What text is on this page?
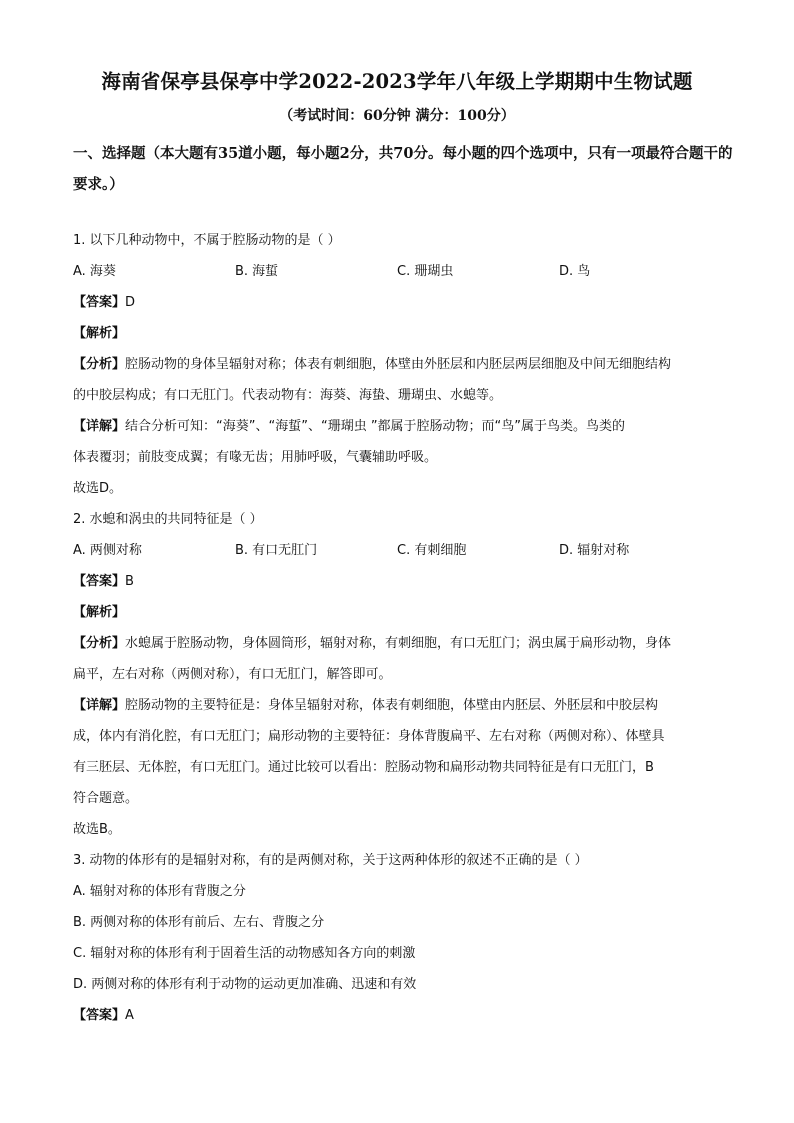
海南省保亭县保亭中学2022-2023学年八年级上学期期中生物试题
（考试时间：60分钟 满分：100分）
一、选择题（本大题有35道小题，每小题2分，共70分。每小题的四个选项中，只有一项最符合题干的要求。）
1. 以下几种动物中，不属于腔肠动物的是（ ）
A. 海葵	B. 海蜇	C. 珊瑚虫	D. 鸟
【答案】D
【解析】
【分析】腔肠动物的身体呈辐射对称；体表有刺细胞，体壁由外胚层和内胚层两层细胞及中间无细胞结构
的中胶层构成；有口无肛门。代表动物有：海葵、海蛰、珊瑚虫、水螅等。
【详解】结合分析可知：“海葵”、“海蜇”、“珊瑚虫 ”都属于腔肠动物；而“鸟”属于鸟类。鸟类的
体表覆羽；前肢变成翼；有喙无齿；用肺呼吸，气囊辅助呼吸。
故选D。
2. 水螅和涡虫的共同特征是（ ）
A. 两侧对称	B. 有口无肛门	C. 有刺细胞	D. 辐射对称
【答案】B
【解析】
【分析】水螅属于腔肠动物，身体圆筒形，辐射对称，有刺细胞，有口无肛门；涡虫属于扁形动物，身体
扁平，左右对称（两侧对称），有口无肛门，解答即可。
【详解】腔肠动物的主要特征是：身体呈辐射对称，体表有刺细胞，体壁由内胚层、外胚层和中胶层构
成，体内有消化腔，有口无肛门；扁形动物的主要特征：身体背腹扁平、左右对称（两侧对称）、体壁具
有三胚层、无体腔，有口无肛门。通过比较可以看出：腔肠动物和扁形动物共同特征是有口无肛门，B
符合题意。
故选B。
3. 动物的体形有的是辐射对称，有的是两侧对称，关于这两种体形的叙述不正确的是（ ）
A. 辐射对称的体形有背腹之分
B. 两侧对称的体形有前后、左右、背腹之分
C. 辐射对称的体形有利于固着生活的动物感知各方向的刺激
D. 两侧对称的体形有利于动物的运动更加准确、迅速和有效
【答案】A
